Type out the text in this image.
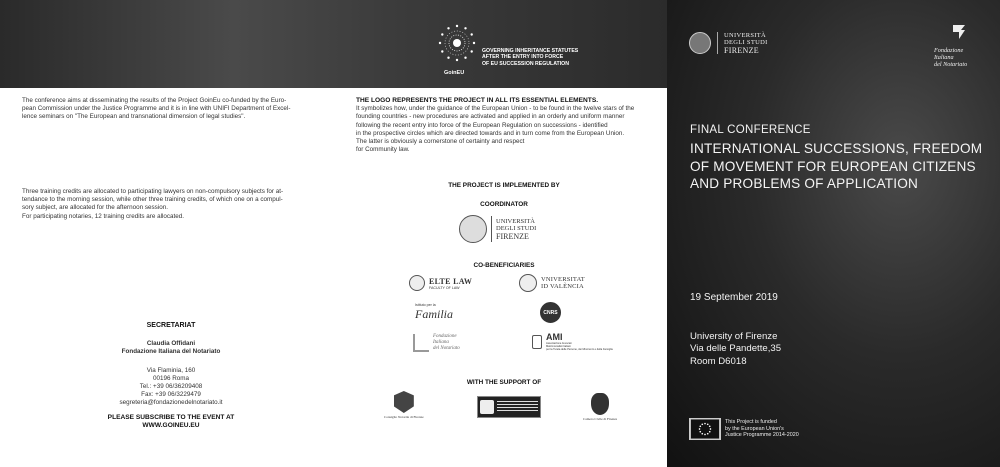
GOVERNING INHERITANCE STATUTES
AFTER THE ENTRY INTO FORCE
OF EU SUCCESSION REGULATION
GoinEU
The conference aims at disseminating the results of the Project GoinEu co-funded by the Euro-
pean Commission under the Justice Programme and it is in line with UNIFI Department of Excel-
lence seminars on "The European and transnational dimension of legal studies".
Three training credits are allocated to participating lawyers on non-compulsory subjects for at-
tendance to the morning session, while other three training credits, of which one on a compul-
sory subject, are allocated for the afternoon session.
For participating notaries, 12 training credits are allocated.
SECRETARIAT
Claudia Offidani
Fondazione Italiana del Notariato
Via Flaminia, 160
00196 Roma
Tel.: +39 06/36209408
Fax: +39 06/3229479
segreteria@fondazionedelnotariato.it
PLEASE SUBSCRIBE TO THE EVENT AT
WWW.GOINEU.EU
THE LOGO REPRESENTS THE PROJECT IN ALL ITS ESSENTIAL ELEMENTS.
It symbolizes how, under the guidance of the European Union - to be found in the twelve stars of the
founding countries - new procedures are activated and applied in an orderly and uniform manner
following the recent entry into force of the European Regulation on successions - identified
in the prospective circles which are directed towards and in turn come from the European Union.
The latter is obviously a cornerstone of certainty and respect
for Community law.
THE PROJECT IS IMPLEMENTED BY
COORDINATOR
UNIVERSITÀ
DEGLI STUDI
FIRENZE
CO-BENEFICIARIES
ELTE LAW
FACULTY OF LAW
VNIVERSITAT
ID VALÈNCIA
Istituto per la
Familia	CNRS
Fondazione
Italiana
del Notariato
AMI
Associazione Avvocati
Matrimonialisti Italiani
per la Tutela delle Persone, dei Minorenni e della Famiglia
WITH THE SUPPORT OF
Consiglio Notarile di Firenze	Camera Civile di Firenze
UNIVERSITÀ
DEGLI STUDI
FIRENZE	Fondazione
Italiana
del Notariato
FINAL CONFERENCE
INTERNATIONAL SUCCESSIONS, FREEDOM
OF MOVEMENT FOR EUROPEAN CITIZENS
AND PROBLEMS OF APPLICATION
19 September 2019
University of Firenze
Via delle Pandette,35
Room D6018
This Project is funded
by the European Union's
Justice Programme 2014-2020
